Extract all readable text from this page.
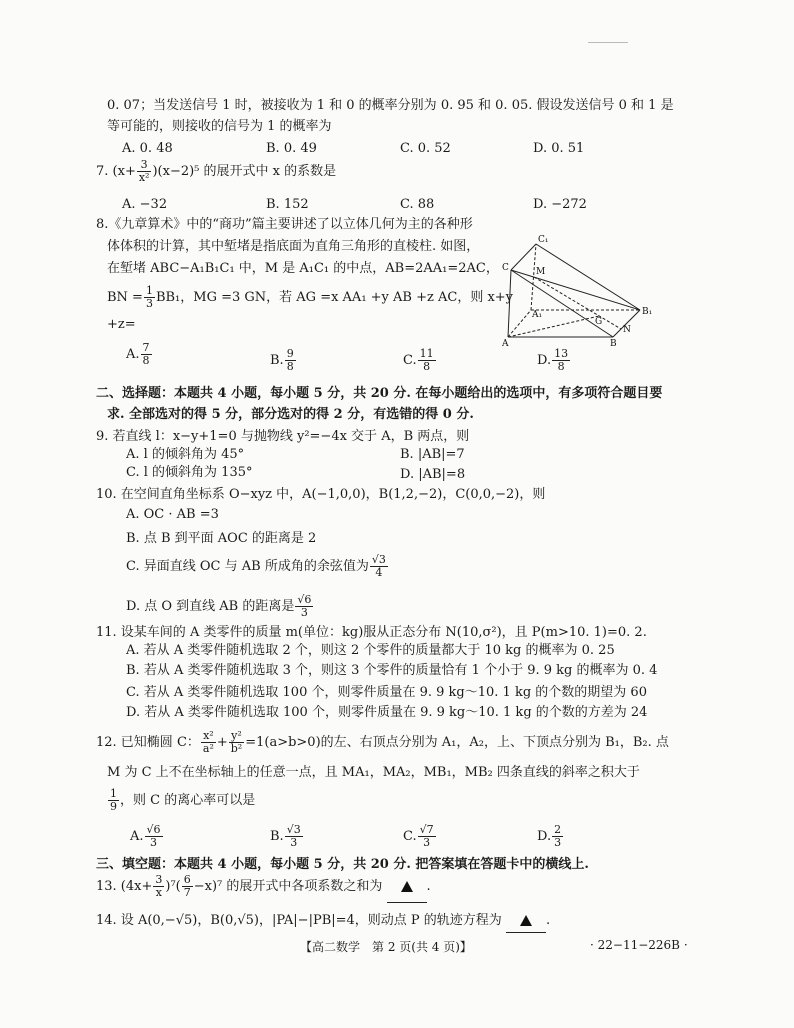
0. 07；当发送信号 1 时，被接收为 1 和 0 的概率分别为 0. 95 和 0. 05. 假设发送信号 0 和 1 是
等可能的，则接收的信号为 1 的概率为
A. 0. 48	B. 0. 49	C. 0. 52	D. 0. 51
7. $(x+ \frac{3}{\text{x²}} )(x-2)^5$ 的展开式中 x 的系数是
A. −32	B. 152	C. 88	D. −272
8.《九章算术》中的“商功”篇主要讲述了以立体几何为主的各种形
体体积的计算，其中堑堵是指底面为直角三角形的直棱柱. 如图，
在堑堵 ABC−A₁B₁C₁ 中，M 是 A₁C₁ 的中点，AB=2AA₁=2AC，
BN = $\frac{1}{3} BB_1$，MG =3 GN，若 AG =x AA₁ +y AB +z AC，则 x+y
+z=
A. $\frac{7}{8}$	B. $\frac{9}{8}$	C. $\frac{11}{8}$	D. $\frac{13}{8}$
C₁
C	M
A₁
G
B₁
N
A	B
二、选择题：本题共 4 小题，每小题 5 分，共 20 分. 在每小题给出的选项中，有多项符合题目要
求. 全部选对的得 5 分，部分选对的得 2 分，有选错的得 0 分.
9. 若直线 l：x−y+1=0 与抛物线 y²=−4x 交于 A，B 两点，则
A. l 的倾斜角为 45°	B. |AB|=7
C. l 的倾斜角为 135°	D. |AB|=8
10. 在空间直角坐标系 O−xyz 中，A(−1,0,0)，B(1,2,−2)，C(0,0,−2)，则
A. OC · AB =3
B. 点 B 到平面 AOC 的距离是 2
C. 异面直线 OC 与 AB 所成角的余弦值为 $\frac{√3}{4}$
D. 点 O 到直线 AB 的距离是 $\frac{√6}{3}$
11. 设某车间的 A 类零件的质量 m(单位：kg)服从正态分布 N(10,σ²)，且 P(m>10. 1)=0. 2.
A. 若从 A 类零件随机选取 2 个，则这 2 个零件的质量都大于 10 kg 的概率为 0. 25
B. 若从 A 类零件随机选取 3 个，则这 3 个零件的质量恰有 1 个小于 9. 9 kg 的概率为 0. 4
C. 若从 A 类零件随机选取 100 个，则零件质量在 9. 9 kg～10. 1 kg 的个数的期望为 60
D. 若从 A 类零件随机选取 100 个，则零件质量在 9. 9 kg～10. 1 kg 的个数的方差为 24
12. 已知椭圆 C： $\frac{\text{x²}}{\text{a²}} + \frac{\text{y²}}{\text{b²}} =1(a>b>0)$的左、右顶点分别为 A₁，A₂，上、下顶点分别为 B₁，B₂. 点
M 为 C 上不在坐标轴上的任意一点，且 MA₁，MA₂，MB₁，MB₂ 四条直线的斜率之积大于
$\frac{1}{9}$ ，则 C 的离心率可以是
A. $\frac{√6}{3}$	B. $\frac{√3}{3}$	C. $\frac{√7}{3}$	D. $\frac{2}{3}$
三、填空题：本题共 4 小题，每小题 5 分，共 20 分. 把答案填在答题卡中的横线上.
13. $(4x+ \frac{3}{x} )^7( \frac{6}{7} -x)^7$ 的展开式中各项系数之和为	.
14. 设 A(0,−√5)，B(0,√5)，|PA|−|PB|=4，则动点 P 的轨迹方程为	.
【高二数学　第 2 页(共 4 页)】	· 22−11−226B ·
